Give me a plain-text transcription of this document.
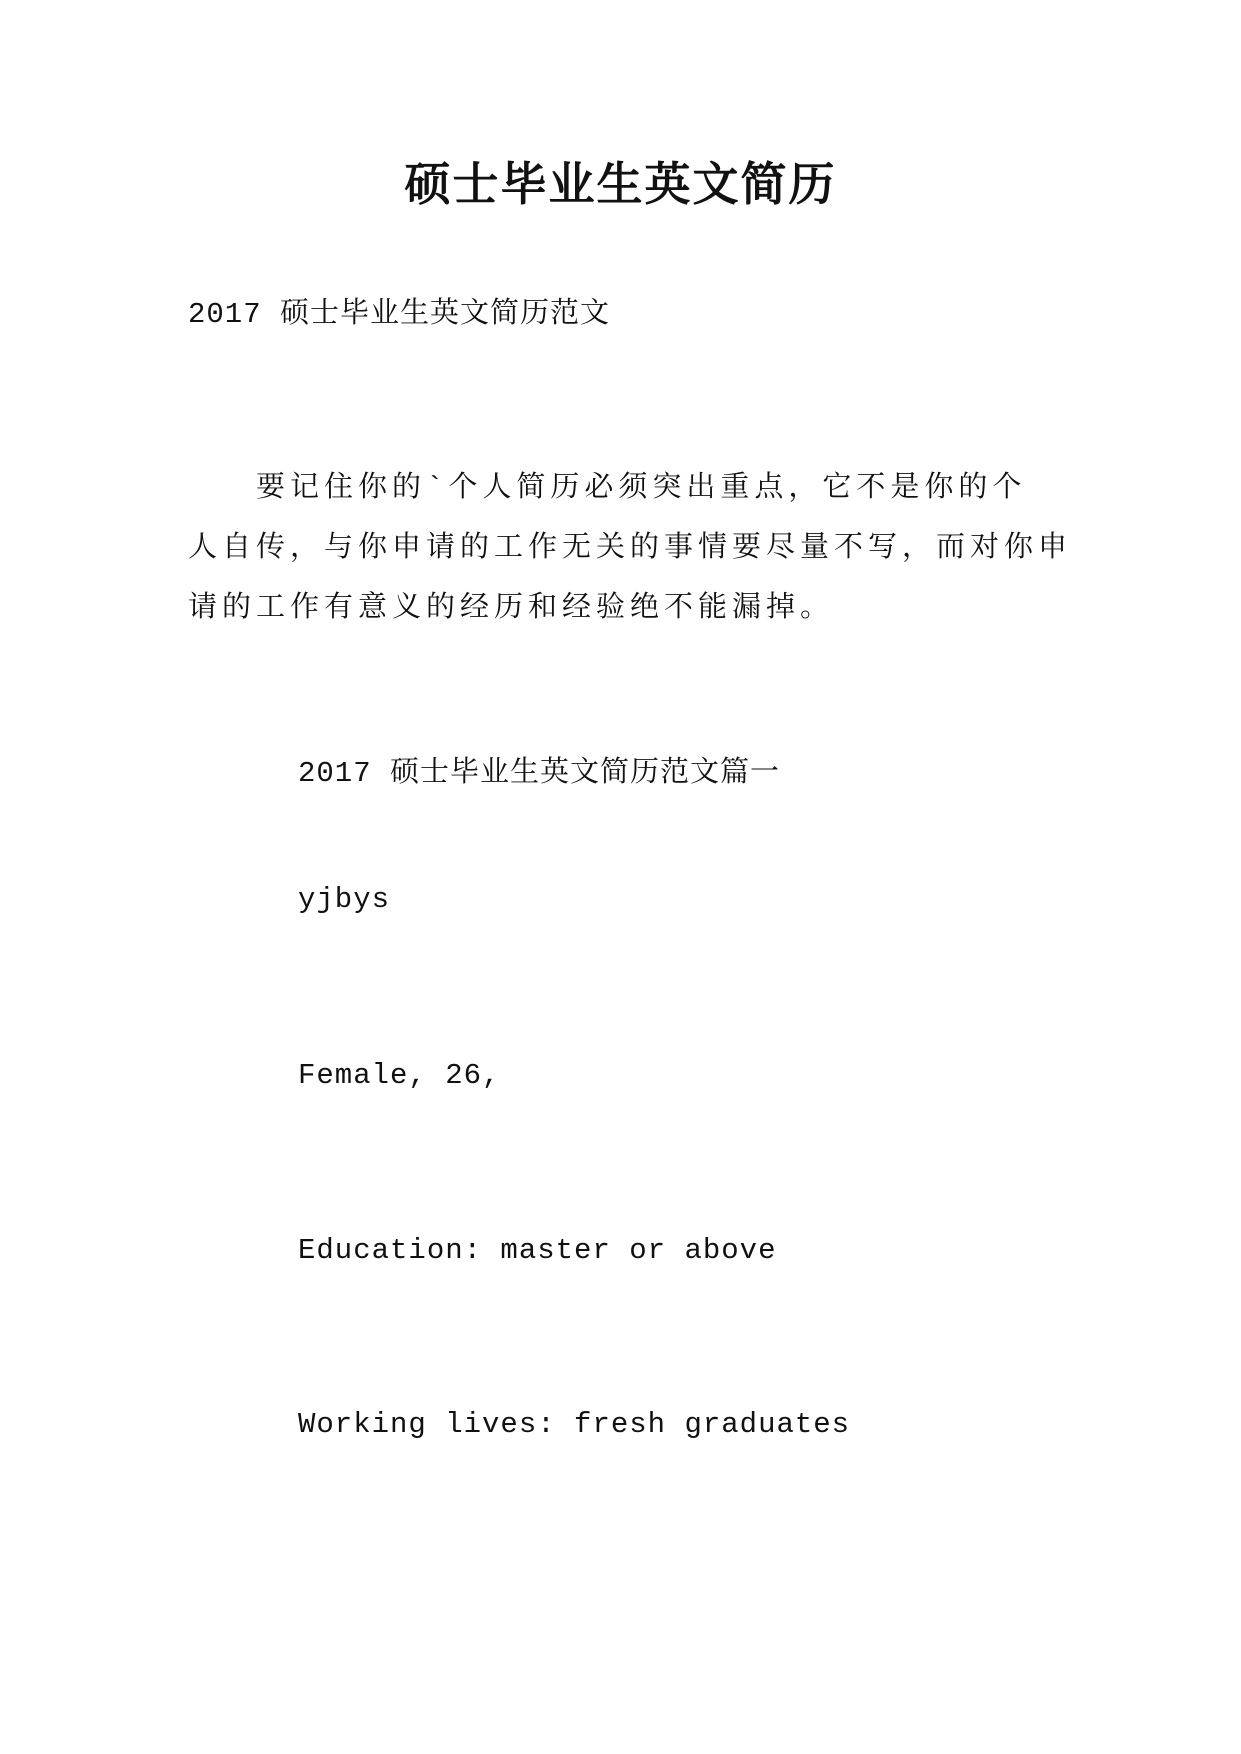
硕士毕业生英文简历
2017 硕士毕业生英文简历范文
　　要记住你的`个人简历必须突出重点，它不是你的个
人自传，与你申请的工作无关的事情要尽量不写，而对你申
请的工作有意义的经历和经验绝不能漏掉。
2017 硕士毕业生英文简历范文篇一
yjbys
Female, 26,
Education: master or above
Working lives: fresh graduates
